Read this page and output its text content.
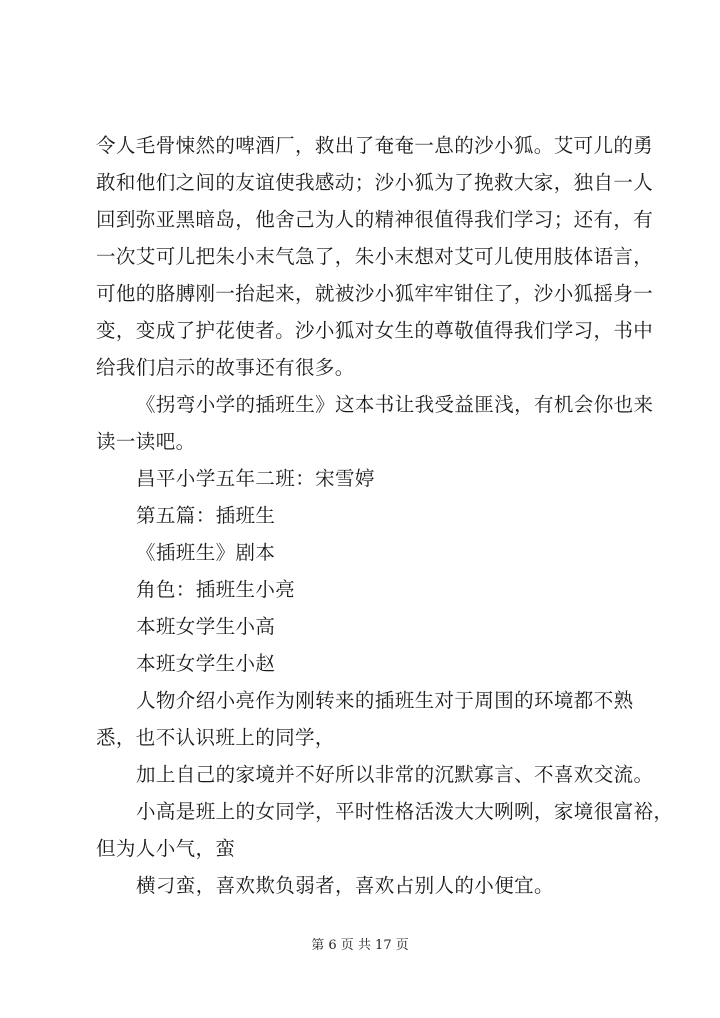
令人毛骨悚然的啤酒厂，救出了奄奄一息的沙小狐。艾可儿的勇
敢和他们之间的友谊使我感动；沙小狐为了挽救大家，独自一人
回到弥亚黑暗岛，他舍己为人的精神很值得我们学习；还有，有
一次艾可儿把朱小末气急了，朱小末想对艾可儿使用肢体语言，
可他的胳膊刚一抬起来，就被沙小狐牢牢钳住了，沙小狐摇身一
变，变成了护花使者。沙小狐对女生的尊敬值得我们学习，书中
给我们启示的故事还有很多。
《拐弯小学的插班生》这本书让我受益匪浅，有机会你也来
读一读吧。
昌平小学五年二班：宋雪婷
第五篇：插班生
《插班生》剧本
角色：插班生小亮
本班女学生小高
本班女学生小赵
人物介绍小亮作为刚转来的插班生对于周围的环境都不熟
悉，也不认识班上的同学，
加上自己的家境并不好所以非常的沉默寡言、不喜欢交流。
小高是班上的女同学，平时性格活泼大大咧咧，家境很富裕，
但为人小气，蛮
横刁蛮，喜欢欺负弱者，喜欢占别人的小便宜。
第 6 页 共 17 页
